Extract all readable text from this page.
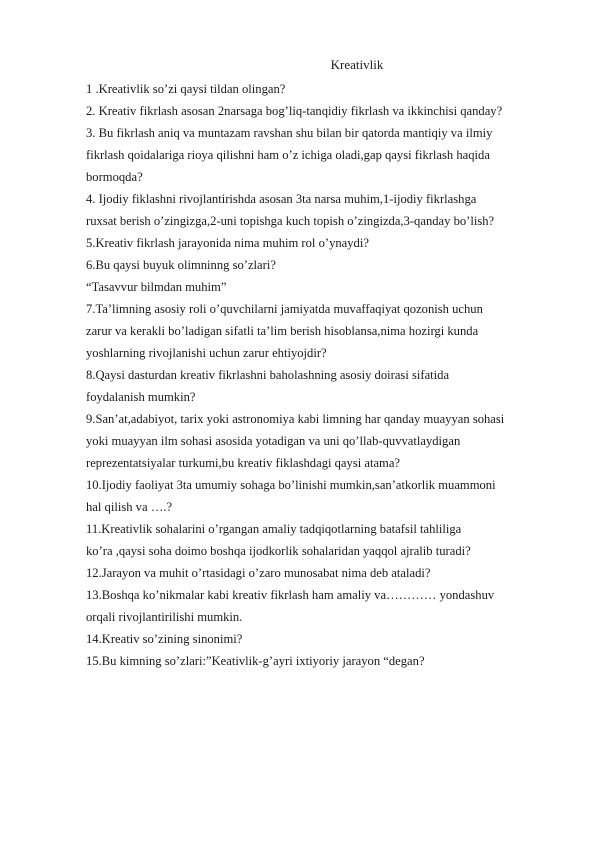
Kreativlik

1 .Kreativlik so’zi qaysi tildan olingan?

2. Kreativ fikrlash asosan 2narsaga bog’liq-tanqidiy fikrlash va ikkinchisi qanday?

3. Bu fikrlash aniq va muntazam ravshan shu bilan bir qatorda mantiqiy va ilmiy

fikrlash qoidalariga rioya qilishni ham o’z ichiga oladi,gap qaysi fikrlash haqida

bormoqda?

4. Ijodiy fiklashni rivojlantirishda asosan 3ta narsa muhim,1-ijodiy fikrlashga

ruxsat berish o’zingizga,2-uni topishga kuch topish o’zingizda,3-qanday bo’lish?

5.Kreativ fikrlash jarayonida nima muhim rol o’ynaydi?

6.Bu qaysi buyuk olimninng so’zlari?

“Tasavvur bilmdan muhim”

7.Ta’limning asosiy roli o’quvchilarni jamiyatda muvaffaqiyat qozonish uchun

zarur va kerakli bo’ladigan sifatli ta’lim berish hisoblansa,nima hozirgi kunda

yoshlarning rivojlanishi uchun zarur ehtiyojdir?

8.Qaysi dasturdan kreativ fikrlashni baholashning asosiy doirasi sifatida

foydalanish mumkin?

9.San’at,adabiyot, tarix yoki astronomiya kabi limning har qanday muayyan sohasi

yoki muayyan ilm sohasi asosida yotadigan va uni qo’llab-quvvatlaydigan

reprezentatsiyalar turkumi,bu kreativ fiklashdagi qaysi atama?

10.Ijodiy faoliyat 3ta umumiy sohaga bo’linishi mumkin,san’atkorlik muammoni

hal qilish va ….?

11.Kreativlik sohalarini o’rgangan amaliy tadqiqotlarning batafsil tahliliga

ko’ra ,qaysi soha doimo boshqa ijodkorlik sohalaridan yaqqol ajralib turadi?

12.Jarayon va muhit o’rtasidagi o’zaro munosabat nima deb ataladi?

13.Boshqa ko’nikmalar kabi kreativ fikrlash ham amaliy va………… yondashuv

orqali rivojlantirilishi mumkin.

14.Kreativ so’zining sinonimi?

15.Bu kimning so’zlari:”Keativlik-g’ayri ixtiyoriy jarayon “degan?
